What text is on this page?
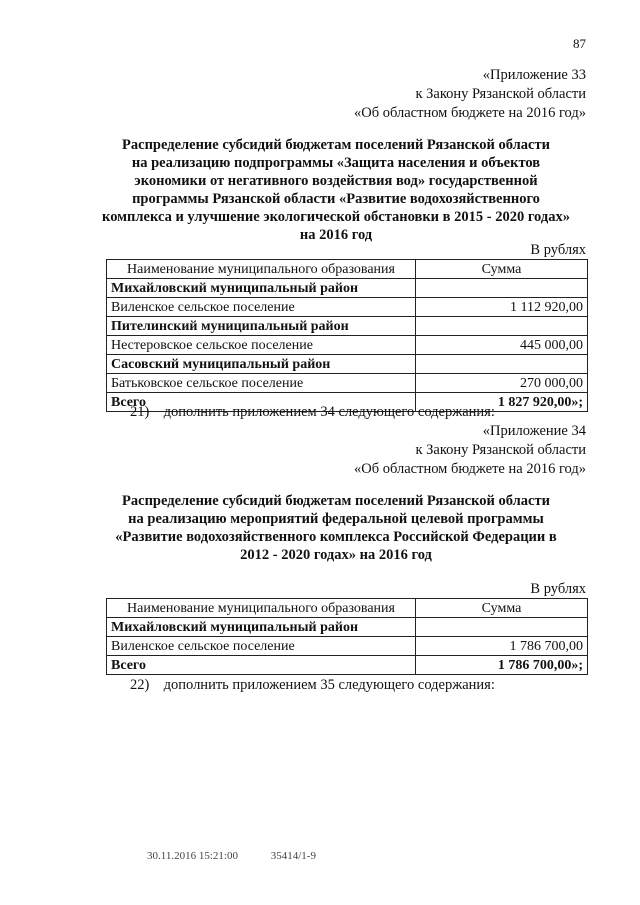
87
«Приложение 33
к Закону Рязанской области
«Об областном бюджете на 2016 год»
Распределение субсидий бюджетам поселений Рязанской области
на реализацию подпрограммы «Защита населения и объектов
экономики от негативного воздействия вод» государственной
программы Рязанской области «Развитие водохозяйственного
комплекса и улучшение экологической обстановки в 2015 - 2020 годах»
на 2016 год
В рублях
Наименование муниципального образования	Сумма
Михайловский муниципальный район	
Виленское сельское поселение	1 112 920,00
Пителинский муниципальный район	
Нестеровское сельское поселение	445 000,00
Сасовский муниципальный район	
Батьковское сельское поселение	270 000,00
Всего	1 827 920,00»;
21) дополнить приложением 34 следующего содержания:
«Приложение 34
к Закону Рязанской области
«Об областном бюджете на 2016 год»
Распределение субсидий бюджетам поселений Рязанской области
на реализацию мероприятий федеральной целевой программы
«Развитие водохозяйственного комплекса Российской Федерации в
2012 - 2020 годах» на 2016 год
В рублях
Наименование муниципального образования	Сумма
Михайловский муниципальный район	
Виленское сельское поселение	1 786 700,00
Всего	1 786 700,00»;
22) дополнить приложением 35 следующего содержания:
30.11.2016 15:21:00	35414/1-9
